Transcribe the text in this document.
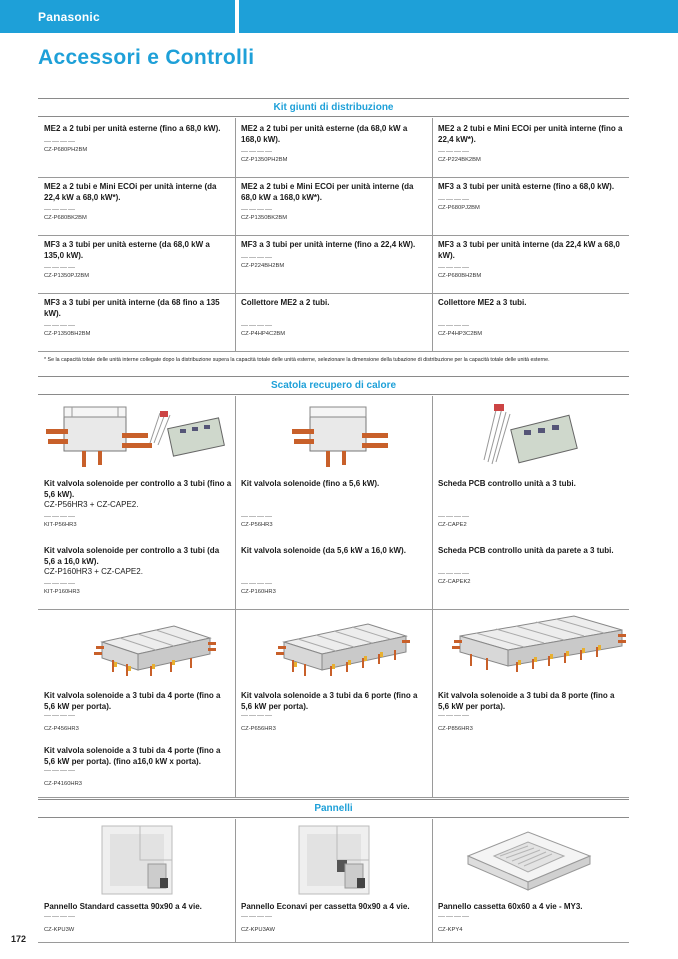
Panasonic
Accessori e Controlli
Kit giunti di distribuzione
ME2 a 2 tubi per unità esterne (fino a 68,0 kW).
————
CZ-P680PH2BM
ME2 a 2 tubi per unità esterne (da 68,0 kW a 168,0 kW).
————
CZ-P1350PH2BM
ME2 a 2 tubi e Mini ECOi per unità interne (fino a 22,4 kW*).
————
CZ-P224BK2BM
ME2 a 2 tubi e Mini ECOi per unità interne (da 22,4 kW a 68,0 kW*).
————
CZ-P680BK2BM
ME2 a 2 tubi e Mini ECOi per unità interne (da 68,0 kW a 168,0 kW*).
————
CZ-P1350BK2BM
MF3 a 3 tubi per unità esterne (fino a 68,0 kW).
————
CZ-P680PJ2BM
MF3 a 3 tubi per unità esterne (da 68,0 kW a 135,0 kW).
————
CZ-P1350PJ2BM
MF3 a 3 tubi per unità interne (fino a 22,4 kW).
————
CZ-P224BH2BM
MF3 a 3 tubi per unità interne (da 22,4 kW a 68,0 kW).
————
CZ-P680BH2BM
MF3 a 3 tubi per unità interne (da 68 fino a 135 kW).
————
CZ-P1350BH2BM
Collettore ME2 a 2 tubi.
————
CZ-P4HP4C2BM
Collettore ME2 a 3 tubi.
————
CZ-P4HP3C2BM
* Se la capacità totale delle unità interne collegate dopo la distribuzione supera la capacità totale delle unità esterne, selezionare la dimensione della tubazione di distribuzione per la capacità totale delle unità esterne.
Scatola recupero di calore
Kit valvola solenoide per controllo a 3 tubi (fino a 5,6 kW).
CZ-P56HR3 + CZ-CAPE2.
————
KIT-P56HR3
Kit valvola solenoide (fino a 5,6 kW).
————
CZ-P56HR3
Scheda PCB controllo unità a 3 tubi.
————
CZ-CAPE2
Kit valvola solenoide per controllo a 3 tubi (da 5,6 a 16,0 kW).
CZ-P160HR3 + CZ-CAPE2.
————
KIT-P160HR3
Kit valvola solenoide (da 5,6 kW a 16,0 kW).
————
CZ-P160HR3
Scheda PCB controllo unità da parete a 3 tubi.
————
CZ-CAPEK2
Kit valvola solenoide a 3 tubi da 4 porte (fino a 5,6 kW per porta).
————
CZ-P456HR3
Kit valvola solenoide a 3 tubi da 6 porte (fino a 5,6 kW per porta).
————
CZ-P656HR3
Kit valvola solenoide a 3 tubi da 8 porte (fino a 5,6 kW per porta).
————
CZ-P856HR3
Kit valvola solenoide a 3 tubi da 4 porte (fino a 5,6 kW per porta). (fino a16,0 kW x porta).
————
CZ-P4160HR3
Pannelli
Pannello Standard cassetta 90x90 a 4 vie.
————
CZ-KPU3W
Pannello Econavi per cassetta 90x90 a 4 vie.
————
CZ-KPU3AW
Pannello cassetta 60x60 a 4 vie - MY3.
————
CZ-KPY4
172
